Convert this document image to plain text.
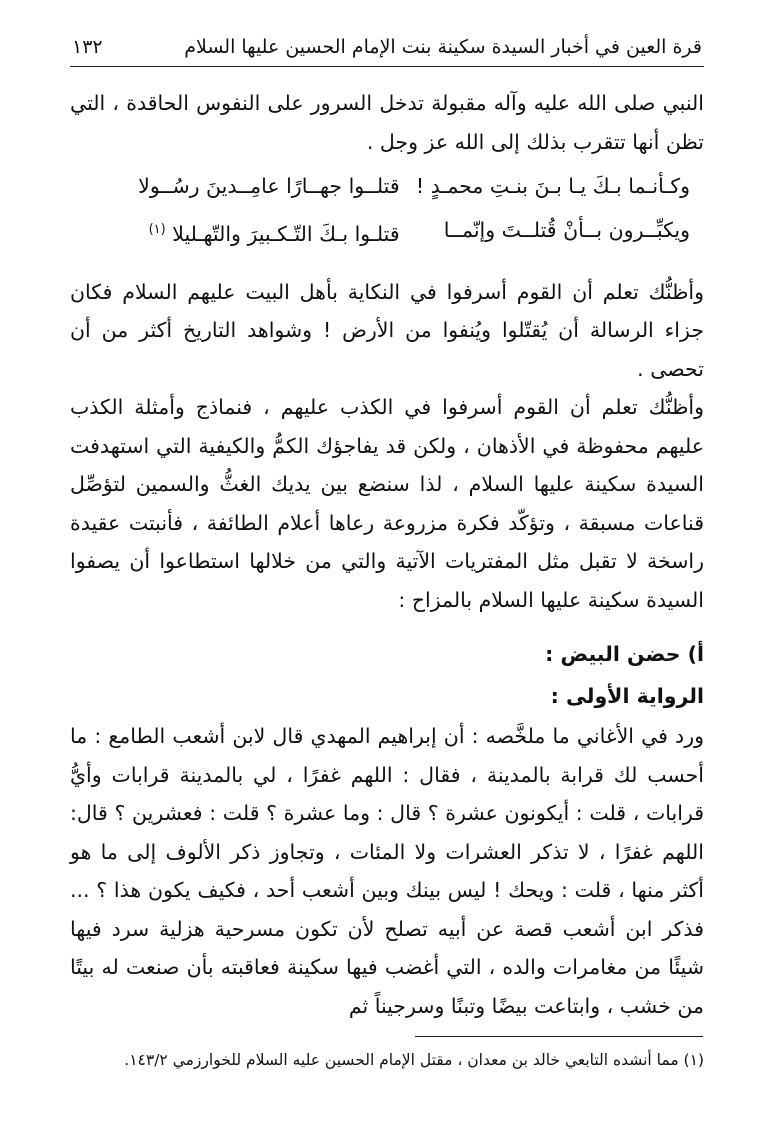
قرة العين في أخبار السيدة سكينة بنت الإمام الحسين عليها السلام
١٣٢

النبي صلى الله عليه وآله مقبولة تدخل السرور على النفوس الحاقدة ، التي تظن أنها تتقرب بذلك إلى الله عز وجل .

وكـأنـما بـكَ يـا بـنَ بنـتِ محمـدٍ !
قتلــوا جهــارًا عامِــدينَ رسُــولا
ويكبِّــرون بــأنْ قُتلــتَ وإنّمــا
قتلـوا بـكَ التّـكـبيرَ والتّهـليلا (١)

وأظنُّك تعلم أن القوم أسرفوا في النكاية بأهل البيت عليهم السلام فكان جزاء الرسالة أن يُقتّلوا ويُنفوا من الأرض ! وشواهد التاريخ أكثر من أن تحصى .

وأظنُّك تعلم أن القوم أسرفوا في الكذب عليهم ، فنماذج وأمثلة الكذب عليهم محفوظة في الأذهان ، ولكن قد يفاجؤك الكمُّ والكيفية التي استهدفت السيدة سكينة عليها السلام ، لذا سنضع بين يديك الغثُّ والسمين لتؤصِّل قناعات مسبقة ، وتؤكّد فكرة مزروعة رعاها أعلام الطائفة ، فأنبتت عقيدة راسخة لا تقبل مثل المفتريات الآتية والتي من خلالها استطاعوا أن يصفوا السيدة سكينة عليها السلام بالمزاح :

أ) حضن البيض :

الرواية الأولى :

ورد في الأغاني ما ملخَّصه : أن إبراهيم المهدي قال لابن أشعب الطامع : ما أحسب لك قرابة بالمدينة ، فقال : اللهم غفرًا ، لي بالمدينة قرابات وأيُّ قرابات ، قلت : أيكونون عشرة ؟ قال : وما عشرة ؟ قلت : فعشرين ؟ قال: اللهم غفرًا ، لا تذكر العشرات ولا المئات ، وتجاوز ذكر الألوف إلى ما هو أكثر منها ، قلت : ويحك ! ليس بينك وبين أشعب أحد ، فكيف يكون هذا ؟ ... فذكر ابن أشعب قصة عن أبيه تصلح لأن تكون مسرحية هزلية سرد فيها شيئًا من مغامرات والده ، التي أغضب فيها سكينة فعاقبته بأن صنعت له بيتًا من خشب ، وابتاعت بيضًا وتبنًا وسرجيناً ثم

(١) مما أنشده التابعي خالد بن معدان ، مقتل الإمام الحسين عليه السلام للخوارزمي ١٤٣/٢.
